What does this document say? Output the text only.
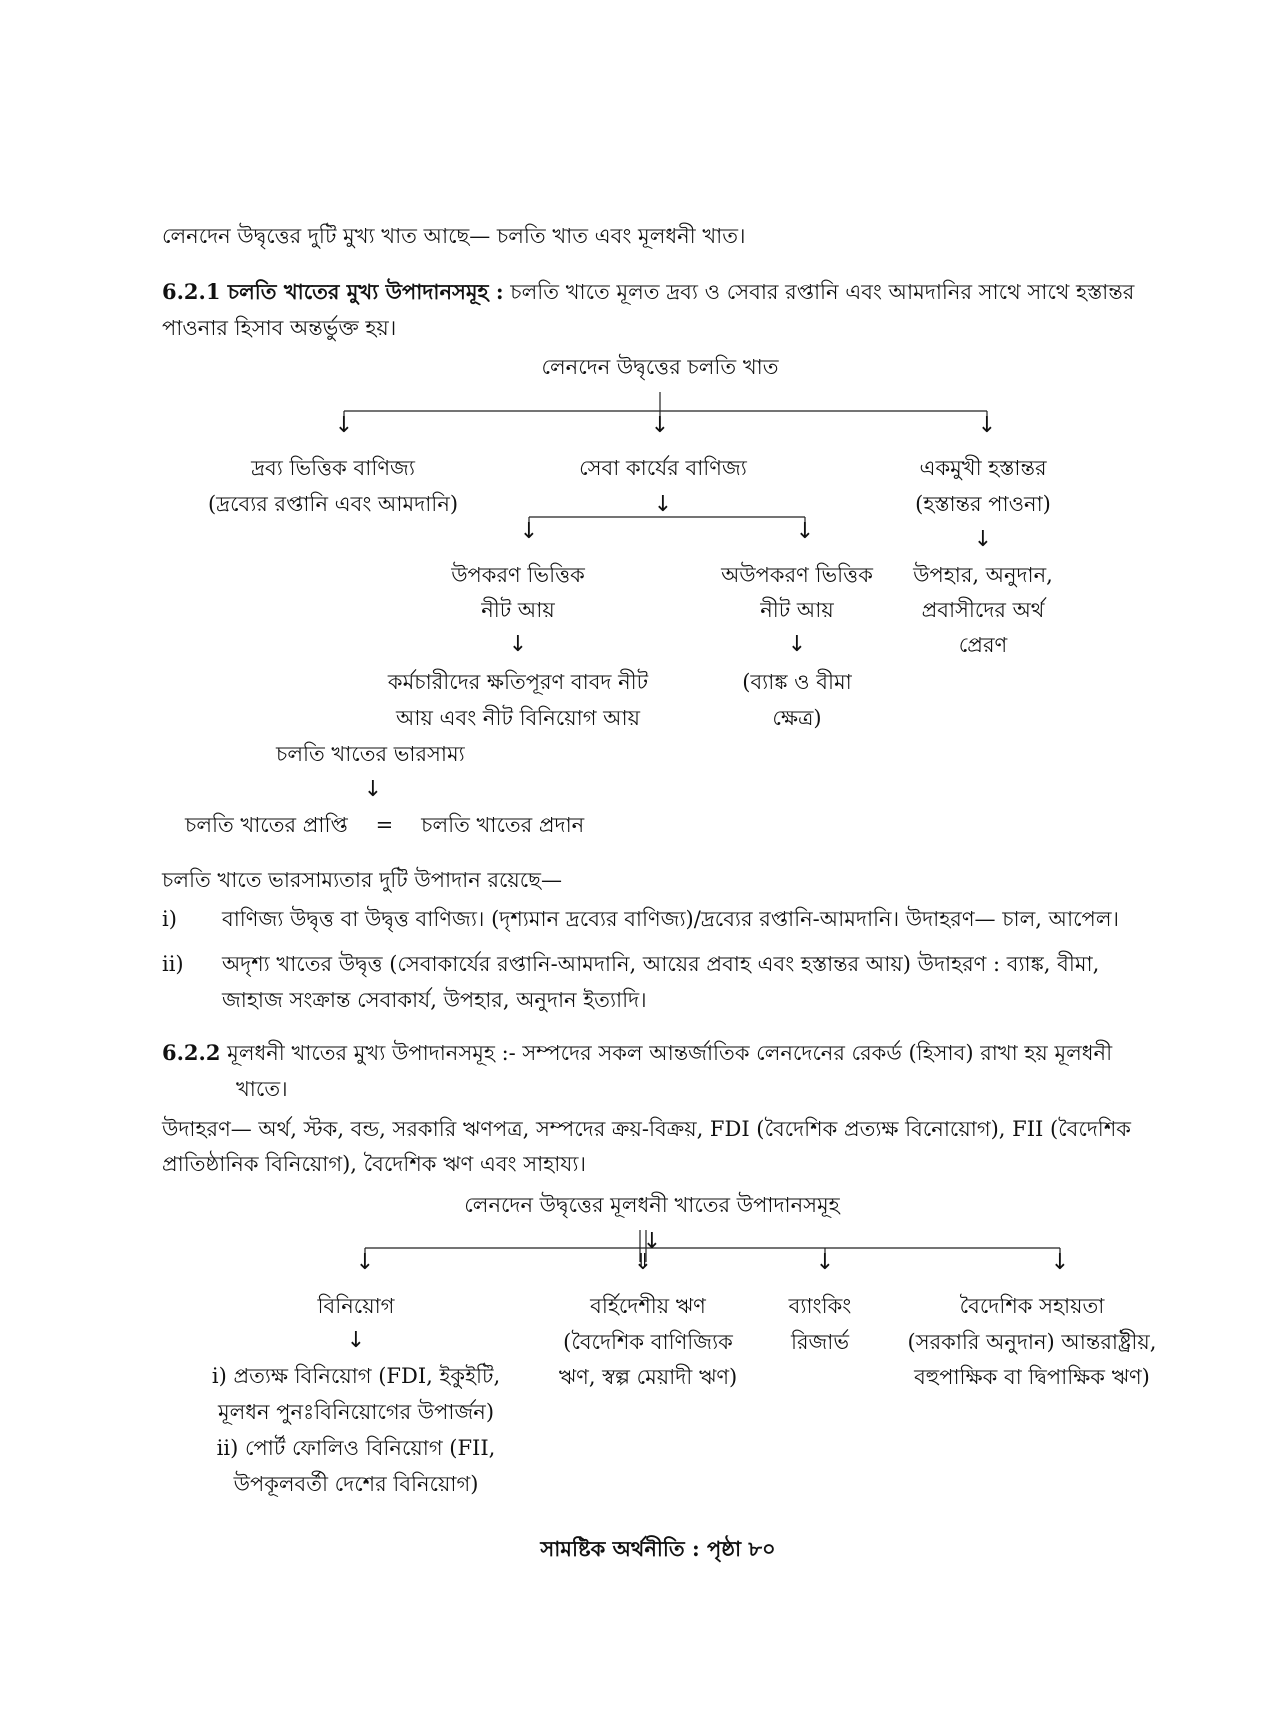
লেনদেন উদ্বৃত্তের দুটি মুখ্য খাত আছে— চলতি খাত এবং মূলধনী খাত।
6.2.1 চলতি খাতের মুখ্য উপাদানসমূহ : চলতি খাতে মূলত দ্রব্য ও সেবার রপ্তানি এবং আমদানির সাথে সাথে হস্তান্তর
পাওনার হিসাব অন্তর্ভুক্ত হয়।
লেনদেন উদ্বৃত্তের চলতি খাত
↓
↓	↓
দ্রব্য ভিত্তিক বাণিজ্য
(দ্রব্যের রপ্তানি এবং আমদানি)
সেবা কার্যের বাণিজ্য
↓
একমুখী হস্তান্তর
(হস্তান্তর পাওনা)
↓
উপহার, অনুদান,
প্রবাসীদের অর্থ
প্রেরণ
↓	↓
উপকরণ ভিত্তিক
নীট আয়
↓
কর্মচারীদের ক্ষতিপূরণ বাবদ নীট
আয় এবং নীট বিনিয়োগ আয়
অউপকরণ ভিত্তিক
নীট আয়
↓
(ব্যাঙ্ক ও বীমা
ক্ষেত্র)
চলতি খাতের ভারসাম্য
↓
চলতি খাতের প্রাপ্তি = চলতি খাতের প্রদান
চলতি খাতে ভারসাম্যতার দুটি উপাদান রয়েছে—
i) বাণিজ্য উদ্বৃত্ত বা উদ্বৃত্ত বাণিজ্য। (দৃশ্যমান দ্রব্যের বাণিজ্য)/দ্রব্যের রপ্তানি-আমদানি। উদাহরণ— চাল, আপেল।
ii) অদৃশ্য খাতের উদ্বৃত্ত (সেবাকার্যের রপ্তানি-আমদানি, আয়ের প্রবাহ এবং হস্তান্তর আয়) উদাহরণ : ব্যাঙ্ক, বীমা,
জাহাজ সংক্রান্ত সেবাকার্য, উপহার, অনুদান ইত্যাদি।
6.2.2 মূলধনী খাতের মুখ্য উপাদানসমূহ :- সম্পদের সকল আন্তর্জাতিক লেনদেনের রেকর্ড (হিসাব) রাখা হয় মূলধনী
খাতে।
উদাহরণ— অর্থ, স্টক, বন্ড, সরকারি ঋণপত্র, সম্পদের ক্রয়-বিক্রয়, FDI (বৈদেশিক প্রত্যক্ষ বিনোয়োগ), FII (বৈদেশিক
প্রাতিষ্ঠানিক বিনিয়োগ), বৈদেশিক ঋণ এবং সাহায্য।
লেনদেন উদ্বৃত্তের মূলধনী খাতের উপাদানসমূহ
↓
↓	⇓	↓	↓
বিনিয়োগ
↓
i) প্রত্যক্ষ বিনিয়োগ (FDI, ইকুইটি,
মূলধন পুনঃবিনিয়োগের উপার্জন)
ii) পোর্ট ফোলিও বিনিয়োগ (FII,
উপকূলবর্তী দেশের বিনিয়োগ)
বর্হিদেশীয় ঋণ
(বৈদেশিক বাণিজ্যিক
ঋণ, স্বল্প মেয়াদী ঋণ)
ব্যাংকিং
রিজার্ভ
বৈদেশিক সহায়তা
(সরকারি অনুদান) আন্তরাষ্ট্রীয়,
বহুপাক্ষিক বা দ্বিপাক্ষিক ঋণ)
সামষ্টিক অর্থনীতি : পৃষ্ঠা ৮০
